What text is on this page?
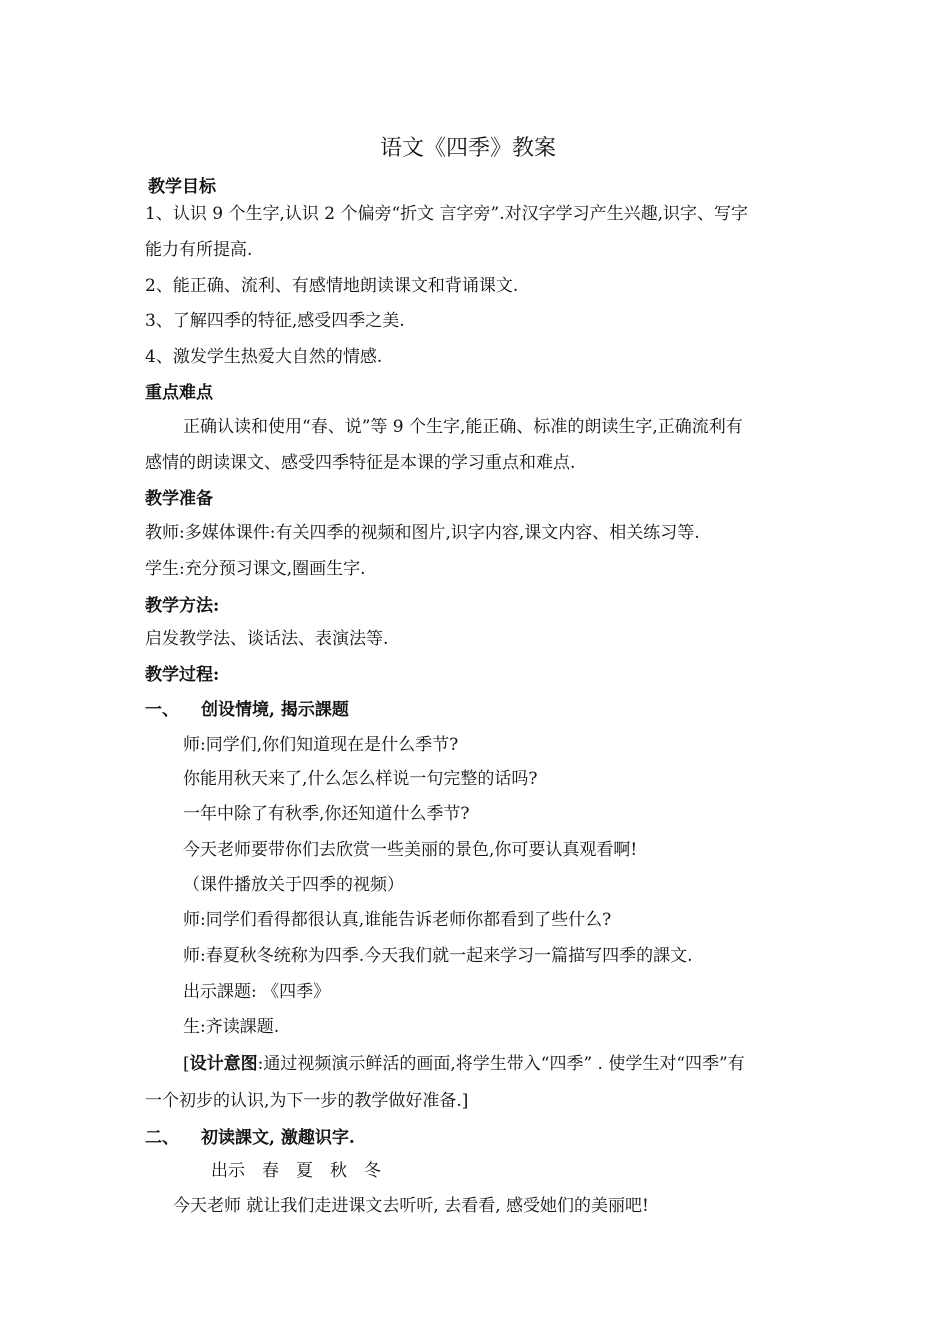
语文《四季》教案
教学目标
1、认识 9 个生字,认识 2 个偏旁“折文 言字旁”.对汉字学习产生兴趣,识字、写字
能力有所提高.
2、能正确、流利、有感情地朗读课文和背诵课文.
3、了解四季的特征,感受四季之美.
4、激发学生热爱大自然的情感.
重点难点
正确认读和使用“春、说”等 9 个生字,能正确、标准的朗读生字,正确流利有
感情的朗读课文、感受四季特征是本课的学习重点和难点.
教学准备
教师:多媒体课件:有关四季的视频和图片,识字内容,课文内容、相关练习等.
学生:充分预习课文,圈画生字.
教学方法:
启发教学法、谈话法、表演法等.
教学过程:
一、 创设情境, 揭示課题
师:同学们,你们知道现在是什么季节?
你能用秋天来了,什么怎么样说一句完整的话吗?
一年中除了有秋季,你还知道什么季节?
今天老师要带你们去欣赏一些美丽的景色,你可要认真观看啊!
（课件播放关于四季的视频）
师:同学们看得都很认真,谁能告诉老师你都看到了些什么?
师:春夏秋冬统称为四季.今天我们就一起来学习一篇描写四季的課文.
出示課题: 《四季》
生:齐读課题.
[设计意图:通过视频演示鲜活的画面,将学生带入“四季” . 使学生对“四季”有
一个初步的认识,为下一步的教学做好准备.]
二、 初读課文, 激趣识字.
出示　春　夏　秋　冬
今天老师 就让我们走进课文去听听, 去看看, 感受她们的美丽吧!
